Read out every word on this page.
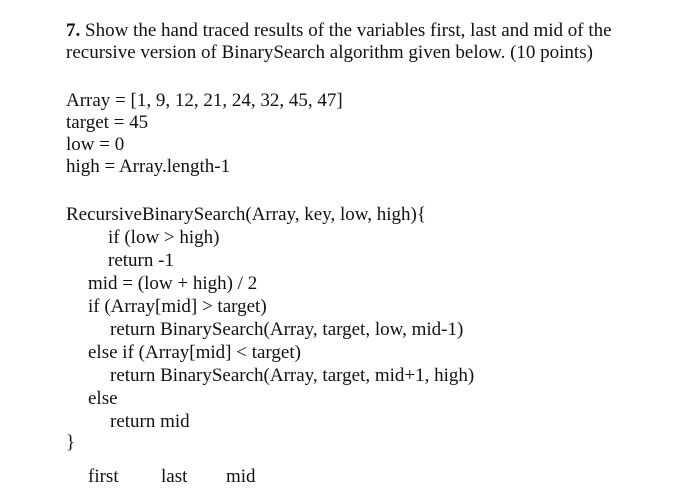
7. Show the hand traced results of the variables first, last and mid of the
recursive version of BinarySearch algorithm given below. (10 points)
Array = [1, 9, 12, 21, 24, 32, 45, 47]
target = 45
low = 0
high = Array.length-1
RecursiveBinarySearch(Array, key, low, high){
if (low > high)
return -1
mid = (low + high) / 2
if (Array[mid] > target)
return BinarySearch(Array, target, low, mid-1)
else if (Array[mid] < target)
return BinarySearch(Array, target, mid+1, high)
else
return mid
}
first last mid
